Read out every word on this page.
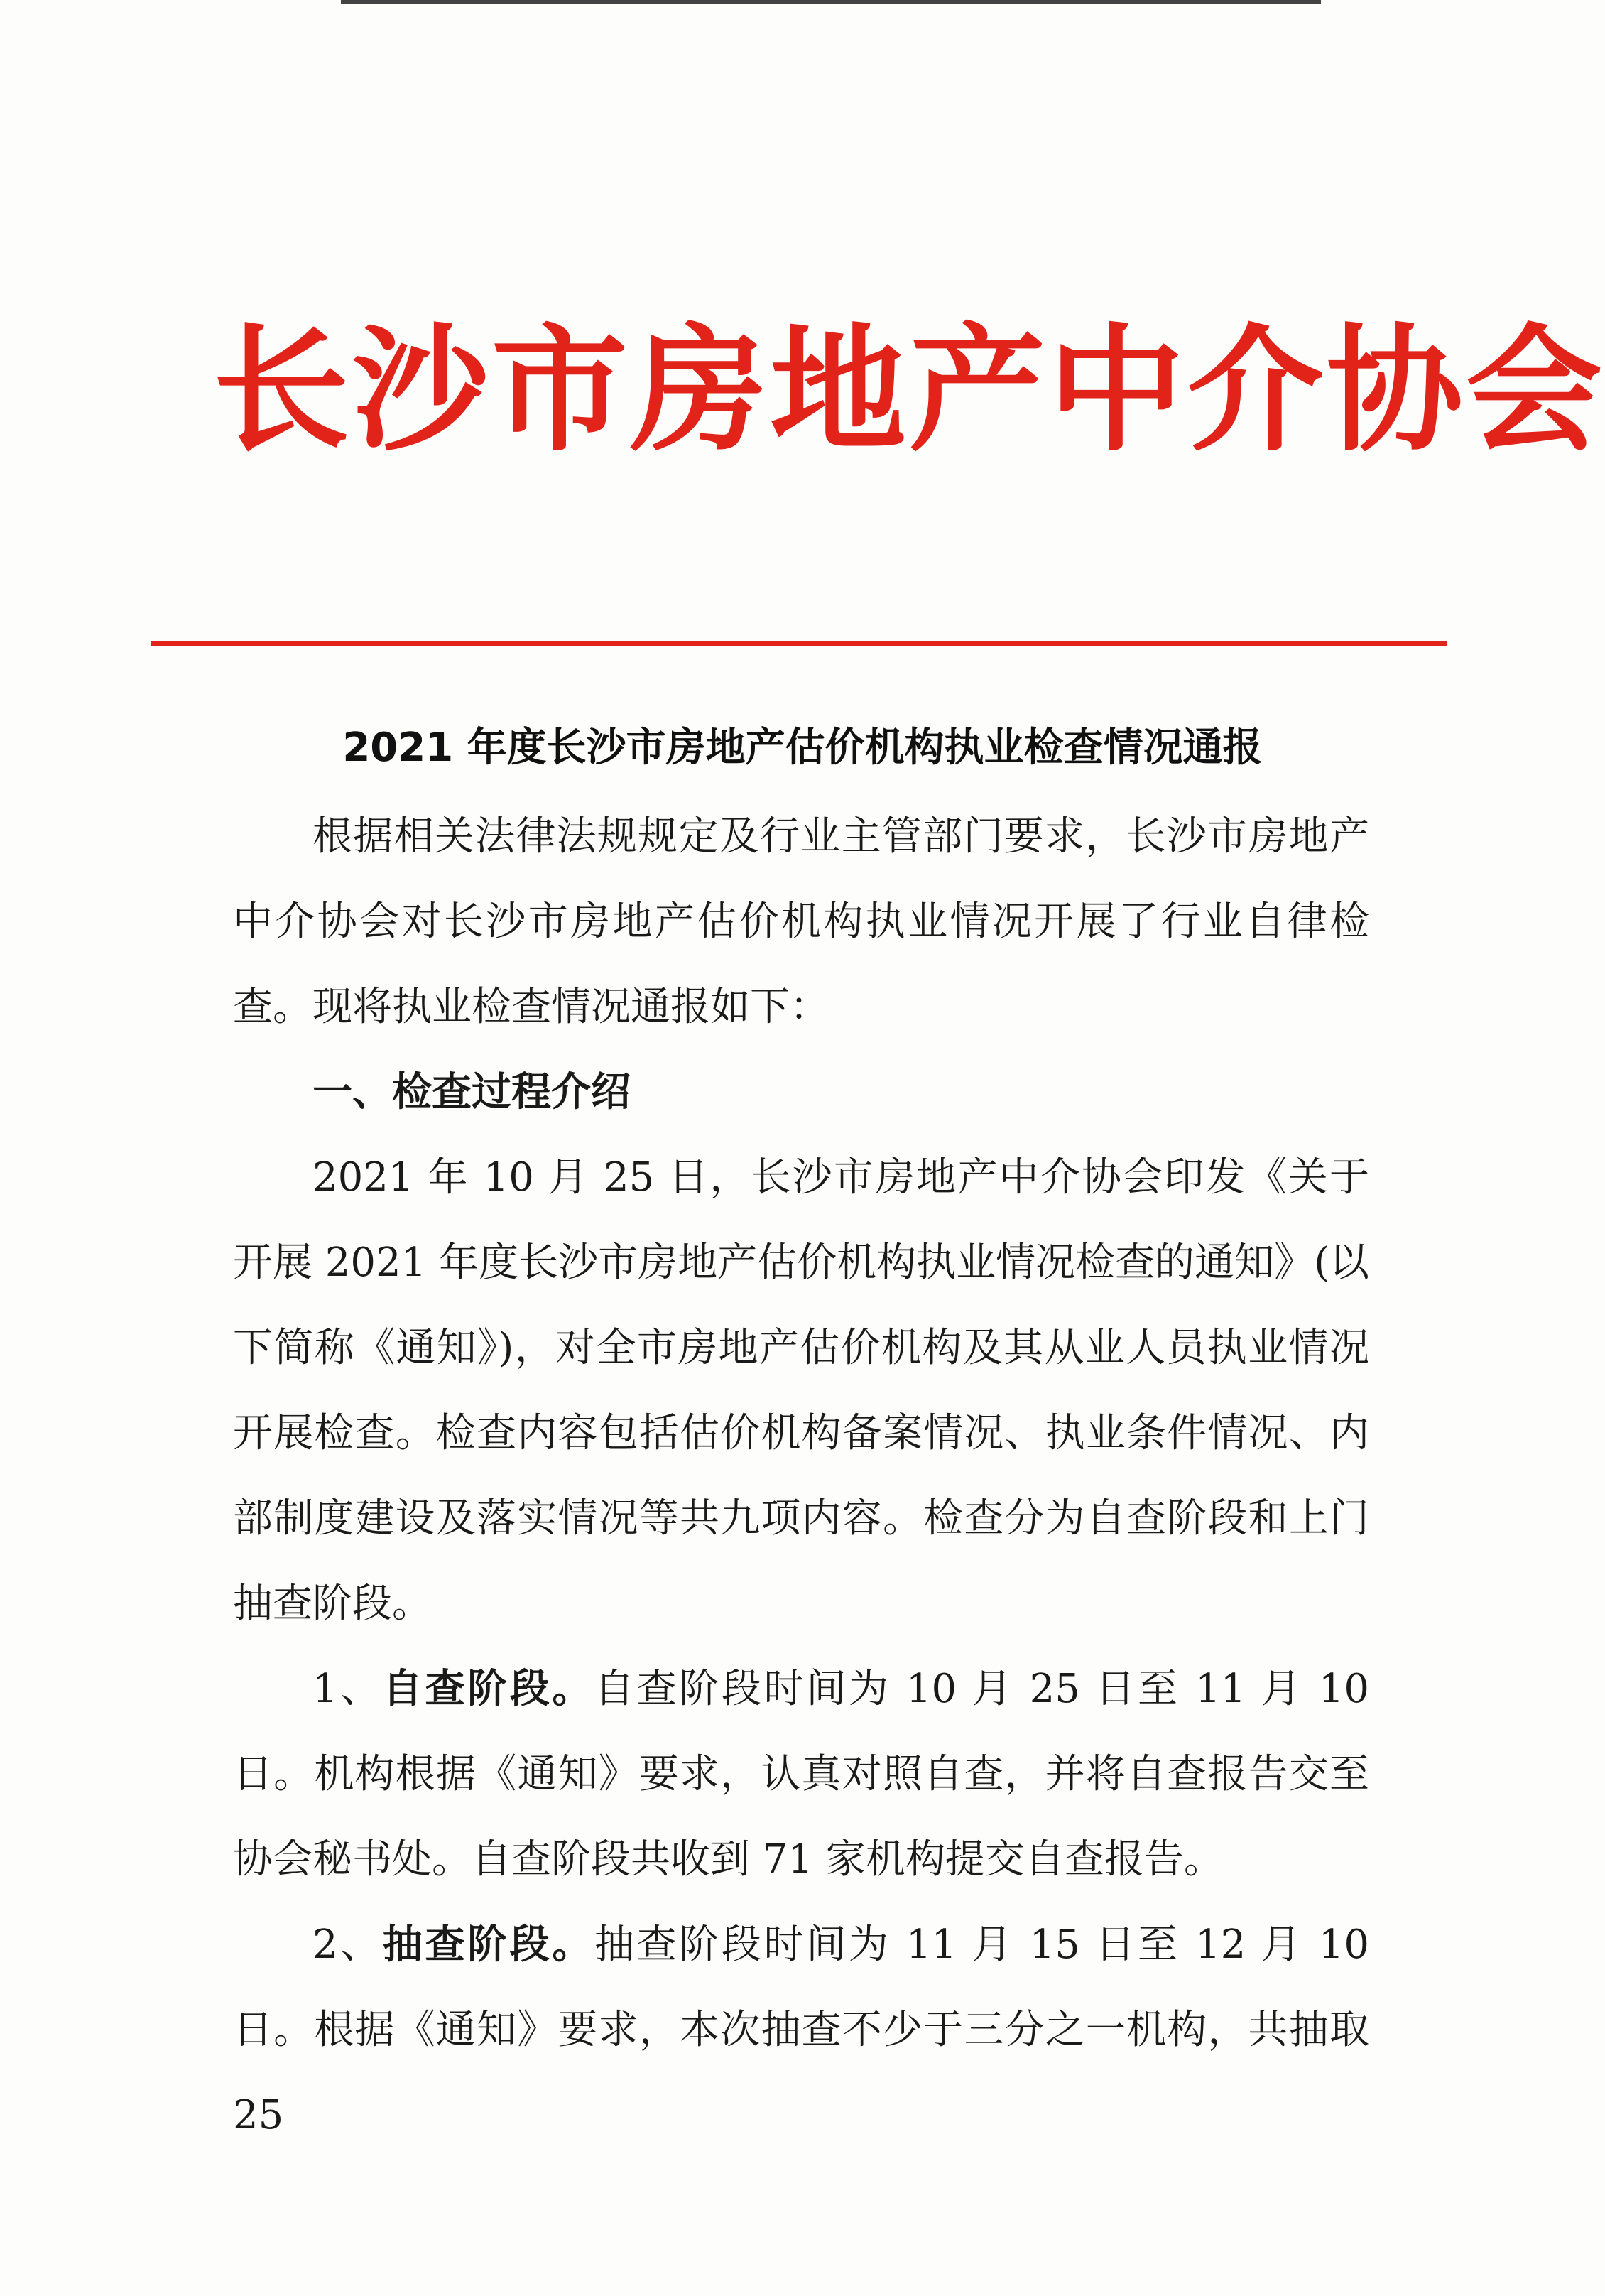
长沙市房地产中介协会
2021 年度长沙市房地产估价机构执业检查情况通报

根据相关法律法规规定及行业主管部门要求，长沙市房地产中介协会对长沙市房地产估价机构执业情况开展了行业自律检查。现将执业检查情况通报如下：

一、检查过程介绍

2021 年 10 月 25 日，长沙市房地产中介协会印发《关于开展 2021 年度长沙市房地产估价机构执业情况检查的通知》(以下简称《通知》)，对全市房地产估价机构及其从业人员执业情况开展检查。检查内容包括估价机构备案情况、执业条件情况、内部制度建设及落实情况等共九项内容。检查分为自查阶段和上门抽查阶段。

1、自查阶段。自查阶段时间为 10 月 25 日至 11 月 10 日。机构根据《通知》要求，认真对照自查，并将自查报告交至协会秘书处。自查阶段共收到 71 家机构提交自查报告。

2、抽查阶段。抽查阶段时间为 11 月 15 日至 12 月 10 日。根据《通知》要求，本次抽查不少于三分之一机构，共抽取 25
